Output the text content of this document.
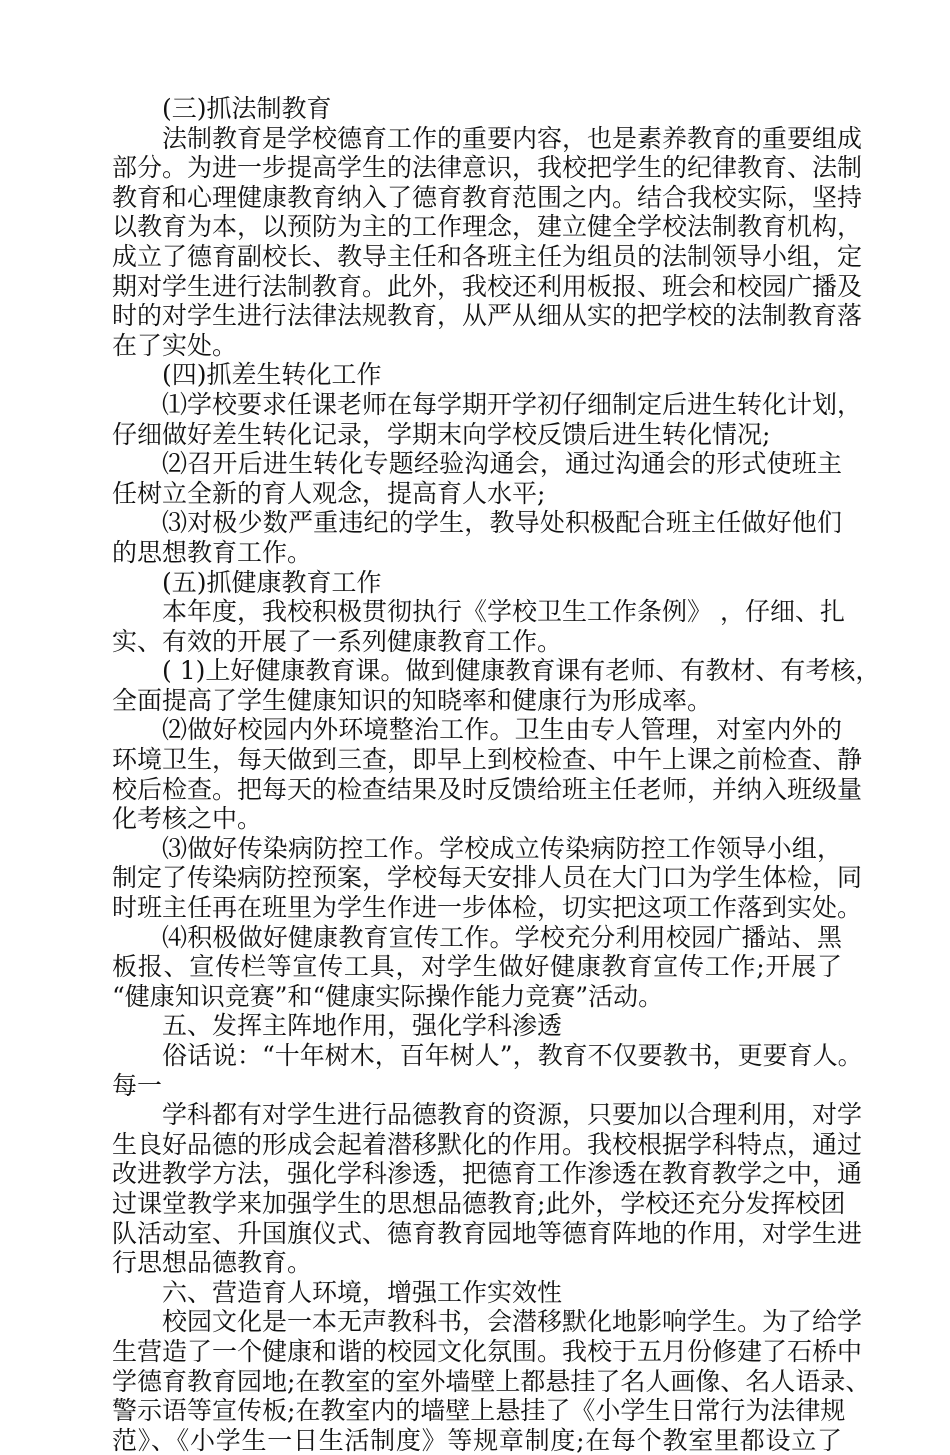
(三)抓法制教育
法制教育是学校德育工作的重要内容，也是素养教育的重要组成
部分。为进一步提高学生的法律意识，我校把学生的纪律教育、法制
教育和心理健康教育纳入了德育教育范围之内。结合我校实际，坚持
以教育为本，以预防为主的工作理念，建立健全学校法制教育机构，
成立了德育副校长、教导主任和各班主任为组员的法制领导小组，定
期对学生进行法制教育。此外，我校还利用板报、班会和校园广播及
时的对学生进行法律法规教育，从严从细从实的把学校的法制教育落
在了实处。
(四)抓差生转化工作
⑴学校要求任课老师在每学期开学初仔细制定后进生转化计划，
仔细做好差生转化记录，学期末向学校反馈后进生转化情况;
⑵召开后进生转化专题经验沟通会，通过沟通会的形式使班主
任树立全新的育人观念，提高育人水平;
⑶对极少数严重违纪的学生，教导处积极配合班主任做好他们
的思想教育工作。
(五)抓健康教育工作
本年度，我校积极贯彻执行《学校卫生工作条例》 ，仔细、扎
实、有效的开展了一系列健康教育工作。
( 1)上好健康教育课。做到健康教育课有老师、有教材、有考核，
全面提高了学生健康知识的知晓率和健康行为形成率。
⑵做好校园内外环境整治工作。卫生由专人管理，对室内外的
环境卫生，每天做到三查，即早上到校检查、中午上课之前检查、静
校后检查。把每天的检查结果及时反馈给班主任老师，并纳入班级量
化考核之中。
⑶做好传染病防控工作。学校成立传染病防控工作领导小组，
制定了传染病防控预案，学校每天安排人员在大门口为学生体检，同
时班主任再在班里为学生作进一步体检，切实把这项工作落到实处。
⑷积极做好健康教育宣传工作。学校充分利用校园广播站、黑
板报、宣传栏等宣传工具，对学生做好健康教育宣传工作;开展了
“健康知识竞赛”和“健康实际操作能力竞赛”活动。
五、发挥主阵地作用，强化学科渗透
俗话说：“十年树木，百年树人”，教育不仅要教书，更要育人。
每一
学科都有对学生进行品德教育的资源，只要加以合理利用，对学
生良好品德的形成会起着潜移默化的作用。我校根据学科特点，通过
改进教学方法，强化学科渗透，把德育工作渗透在教育教学之中，通
过课堂教学来加强学生的思想品德教育;此外，学校还充分发挥校团
队活动室、升国旗仪式、德育教育园地等德育阵地的作用，对学生进
行思想品德教育。
六、营造育人环境，增强工作实效性
校园文化是一本无声教科书，会潜移默化地影响学生。为了给学
生营造了一个健康和谐的校园文化氛围。我校于五月份修建了石桥中
学德育教育园地;在教室的室外墙壁上都悬挂了名人画像、名人语录、
警示语等宣传板;在教室内的墙壁上悬挂了《小学生日常行为法律规
范》、《小学生一日生活制度》等规章制度;在每个教室里都设立了
